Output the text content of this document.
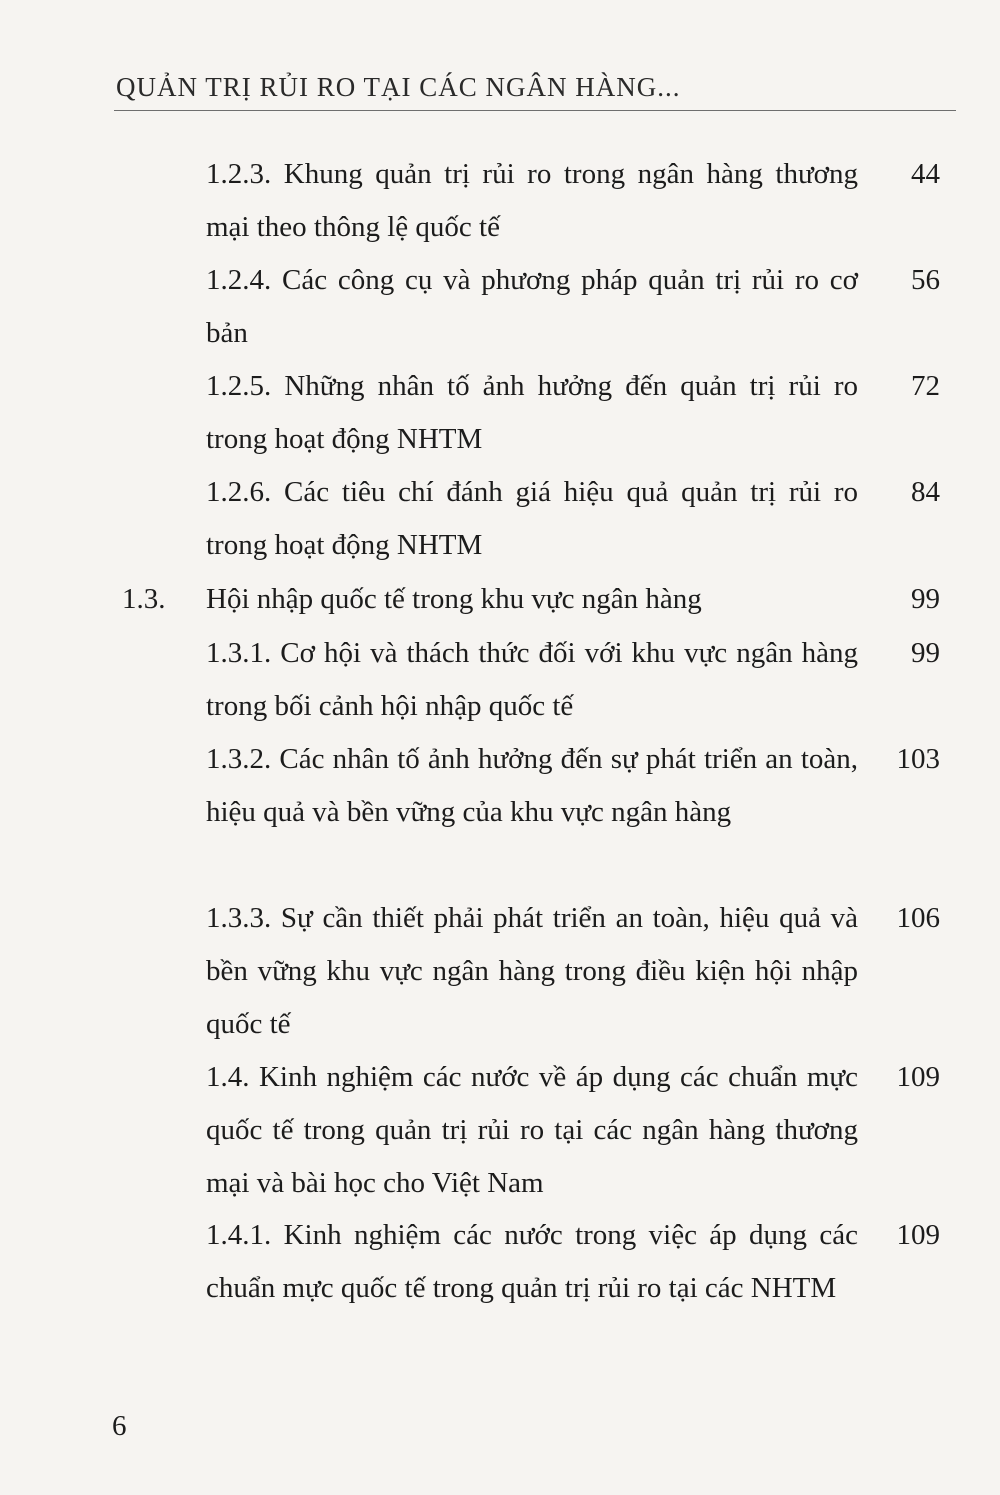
QUẢN TRỊ RỦI RO TẠI CÁC NGÂN HÀNG...
1.2.3. Khung quản trị rủi ro trong ngân hàng thương mại theo thông lệ quốc tế
44
1.2.4. Các công cụ và phương pháp quản trị rủi ro cơ bản
56
1.2.5. Những nhân tố ảnh hưởng đến quản trị rủi ro trong hoạt động NHTM
72
1.2.6. Các tiêu chí đánh giá hiệu quả quản trị rủi ro trong hoạt động NHTM
84
1.3. Hội nhập quốc tế trong khu vực ngân hàng	99
1.3.1. Cơ hội và thách thức đối với khu vực ngân hàng trong bối cảnh hội nhập quốc tế
99
1.3.2. Các nhân tố ảnh hưởng đến sự phát triển an toàn, hiệu quả và bền vững của khu vực ngân hàng
103
1.3.3. Sự cần thiết phải phát triển an toàn, hiệu quả và bền vững khu vực ngân hàng trong điều kiện hội nhập quốc tế
106
1.4. Kinh nghiệm các nước về áp dụng các chuẩn mực quốc tế trong quản trị rủi ro tại các ngân hàng thương mại và bài học cho Việt Nam
109
1.4.1. Kinh nghiệm các nước trong việc áp dụng các chuẩn mực quốc tế trong quản trị rủi ro tại các NHTM
109
6
